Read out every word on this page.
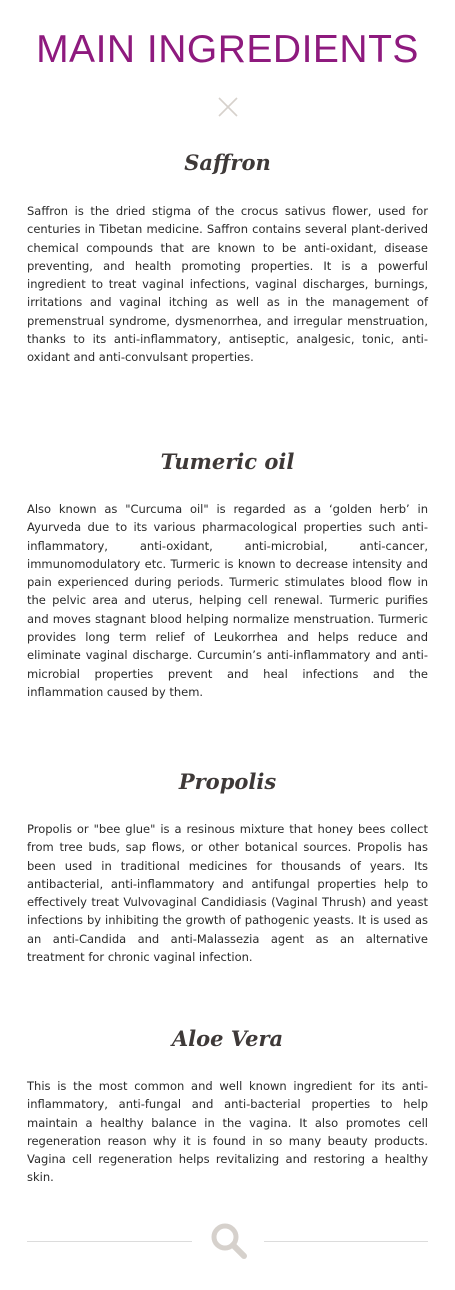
MAIN INGREDIENTS
Saffron

Saffron is the dried stigma of the crocus sativus flower, used for centuries in Tibetan medicine. Saffron contains several plant-derived chemical compounds that are known to be anti-oxidant, disease preventing, and health promoting properties. It is a powerful ingredient to treat vaginal infections, vaginal discharges, burnings, irritations and vaginal itching as well as in the management of premenstrual syndrome, dysmenorrhea, and irregular menstruation, thanks to its anti-inflammatory, antiseptic, analgesic, tonic, anti-oxidant and anti-convulsant properties.

Tumeric oil

Also known as "Curcuma oil" is regarded as a ‘golden herb’ in Ayurveda due to its various pharmacological properties such anti-inflammatory, anti-oxidant, anti-microbial, anti-cancer, immunomodulatory etc. Turmeric is known to decrease intensity and pain experienced during periods. Turmeric stimulates blood flow in the pelvic area and uterus, helping cell renewal. Turmeric purifies and moves stagnant blood helping normalize menstruation. Turmeric provides long term relief of Leukorrhea and helps reduce and eliminate vaginal discharge. Curcumin’s anti-inflammatory and anti-microbial properties prevent and heal infections and the inflammation caused by them.

Propolis

Propolis or "bee glue" is a resinous mixture that honey bees collect from tree buds, sap flows, or other botanical sources. Propolis has been used in traditional medicines for thousands of years. Its antibacterial, anti-inflammatory and antifungal properties help to effectively treat Vulvovaginal Candidiasis (Vaginal Thrush) and yeast infections by inhibiting the growth of pathogenic yeasts. It is used as an anti-Candida and anti-Malassezia agent as an alternative treatment for chronic vaginal infection.

Aloe Vera

This is the most common and well known ingredient for its anti-inflammatory, anti-fungal and anti-bacterial properties to help maintain a healthy balance in the vagina. It also promotes cell regeneration reason why it is found in so many beauty products. Vagina cell regeneration helps revitalizing and restoring a healthy skin.
